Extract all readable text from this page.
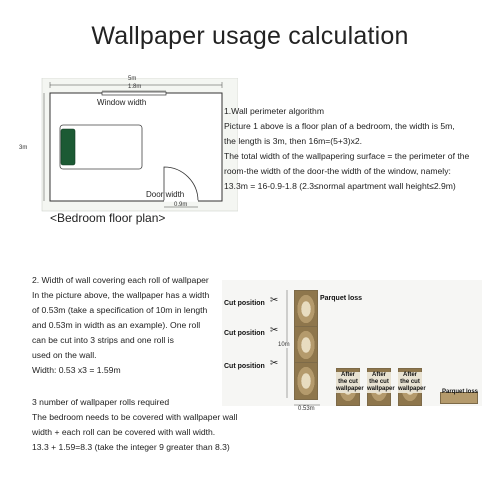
Wallpaper usage calculation
5m
1.8m
Window width
3m
Door width
0.9m
<Bedroom floor plan>
1.Wall perimeter algorithm
Picture 1 above is a floor plan of a bedroom, the width is 5m,
the length is 3m, then 16m=(5+3)x2.
The total width of the wallpapering surface = the perimeter of the
room-the width of the door-the width of the window, namely:
13.3m = 16-0.9-1.8 (2.3≤normal apartment wall height≤2.9m)
2. Width of wall covering each roll of wallpaper
In the picture above, the wallpaper has a width
of 0.53m (take a specification of 10m in length
and 0.53m in width as an example). One roll
can be cut into 3 strips and one roll is
used on the wall.
Width: 0.53 x3 = 1.59m
3 number of wallpaper rolls required
The bedroom needs to be covered with wallpaper wall
width + each roll can be covered with wall width.
13.3 + 1.59=8.3 (take the integer 9 greater than 8.3)
10m
0.53m
Cut position ✂
Cut position ✂
Cut position ✂
Parquet loss
After the cut wallpaper
After the cut wallpaper
After the cut wallpaper	Parquet loss
